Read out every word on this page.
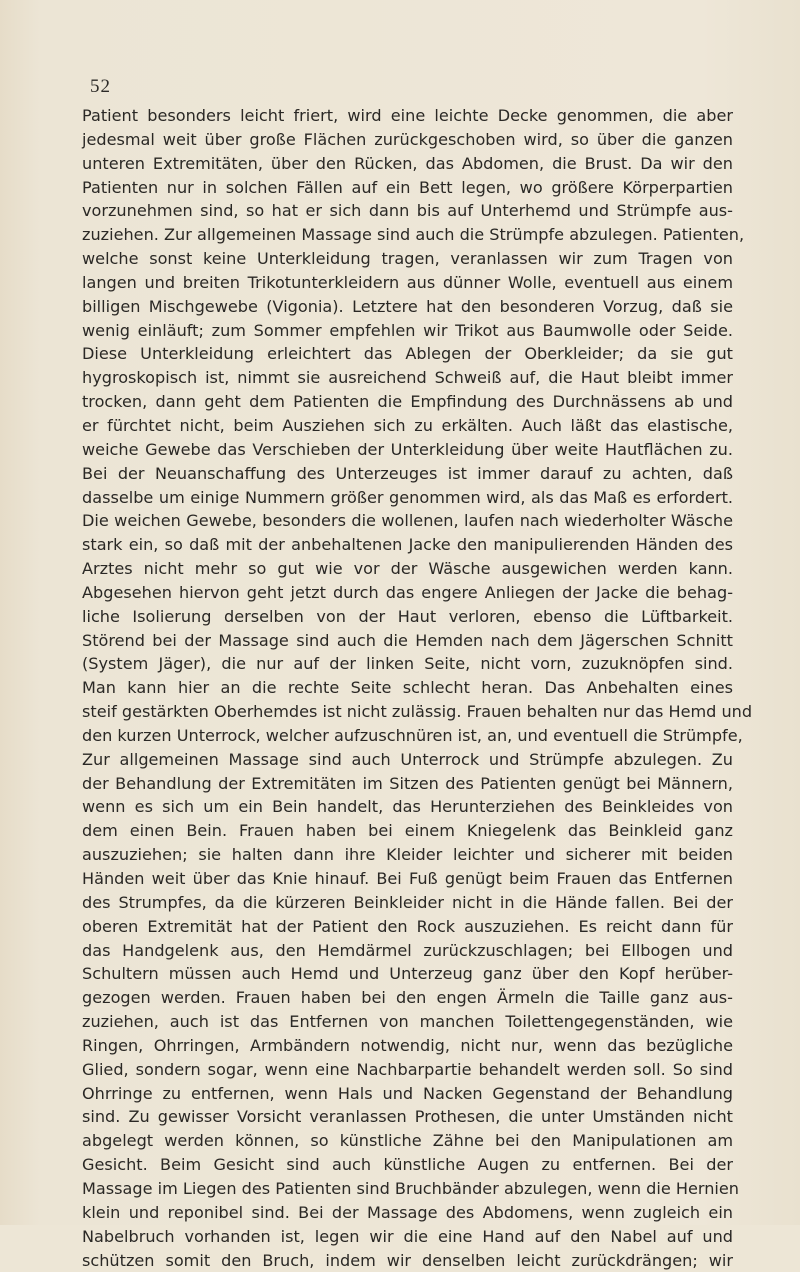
52
Patient besonders leicht friert, wird eine leichte Decke genommen, die aber
jedesmal weit über große Flächen zurückgeschoben wird, so über die ganzen
unteren Extremitäten, über den Rücken, das Abdomen, die Brust. Da wir den
Patienten nur in solchen Fällen auf ein Bett legen, wo größere Körperpartien
vorzunehmen sind, so hat er sich dann bis auf Unterhemd und Strümpfe aus-
zuziehen. Zur allgemeinen Massage sind auch die Strümpfe abzulegen. Patienten,
welche sonst keine Unterkleidung tragen, veranlassen wir zum Tragen von
langen und breiten Trikotunterkleidern aus dünner Wolle, eventuell aus einem
billigen Mischgewebe (Vigonia). Letztere hat den besonderen Vorzug, daß sie
wenig einläuft; zum Sommer empfehlen wir Trikot aus Baumwolle oder Seide.
Diese Unterkleidung erleichtert das Ablegen der Oberkleider; da sie gut
hygroskopisch ist, nimmt sie ausreichend Schweiß auf, die Haut bleibt immer
trocken, dann geht dem Patienten die Empfindung des Durchnässens ab und
er fürchtet nicht, beim Ausziehen sich zu erkälten. Auch läßt das elastische,
weiche Gewebe das Verschieben der Unterkleidung über weite Hautflächen zu.
Bei der Neuanschaffung des Unterzeuges ist immer darauf zu achten, daß
dasselbe um einige Nummern größer genommen wird, als das Maß es erfordert.
Die weichen Gewebe, besonders die wollenen, laufen nach wiederholter Wäsche
stark ein, so daß mit der anbehaltenen Jacke den manipulierenden Händen des
Arztes nicht mehr so gut wie vor der Wäsche ausgewichen werden kann.
Abgesehen hiervon geht jetzt durch das engere Anliegen der Jacke die behag-
liche Isolierung derselben von der Haut verloren, ebenso die Lüftbarkeit.
Störend bei der Massage sind auch die Hemden nach dem Jägerschen Schnitt
(System Jäger), die nur auf der linken Seite, nicht vorn, zuzuknöpfen sind.
Man kann hier an die rechte Seite schlecht heran. Das Anbehalten eines
steif gestärkten Oberhemdes ist nicht zulässig. Frauen behalten nur das Hemd und
den kurzen Unterrock, welcher aufzuschnüren ist, an, und eventuell die Strümpfe,
Zur allgemeinen Massage sind auch Unterrock und Strümpfe abzulegen. Zu
der Behandlung der Extremitäten im Sitzen des Patienten genügt bei Männern,
wenn es sich um ein Bein handelt, das Herunterziehen des Beinkleides von
dem einen Bein. Frauen haben bei einem Kniegelenk das Beinkleid ganz
auszuziehen; sie halten dann ihre Kleider leichter und sicherer mit beiden
Händen weit über das Knie hinauf. Bei Fuß genügt beim Frauen das Entfernen
des Strumpfes, da die kürzeren Beinkleider nicht in die Hände fallen. Bei der
oberen Extremität hat der Patient den Rock auszuziehen. Es reicht dann für
das Handgelenk aus, den Hemdärmel zurückzuschlagen; bei Ellbogen und
Schultern müssen auch Hemd und Unterzeug ganz über den Kopf herüber-
gezogen werden. Frauen haben bei den engen Ärmeln die Taille ganz aus-
zuziehen, auch ist das Entfernen von manchen Toilettengegenständen, wie
Ringen, Ohrringen, Armbändern notwendig, nicht nur, wenn das bezügliche
Glied, sondern sogar, wenn eine Nachbarpartie behandelt werden soll. So sind
Ohrringe zu entfernen, wenn Hals und Nacken Gegenstand der Behandlung
sind. Zu gewisser Vorsicht veranlassen Prothesen, die unter Umständen nicht
abgelegt werden können, so künstliche Zähne bei den Manipulationen am
Gesicht. Beim Gesicht sind auch künstliche Augen zu entfernen. Bei der
Massage im Liegen des Patienten sind Bruchbänder abzulegen, wenn die Hernien
klein und reponibel sind. Bei der Massage des Abdomens, wenn zugleich ein
Nabelbruch vorhanden ist, legen wir die eine Hand auf den Nabel auf und
schützen somit den Bruch, indem wir denselben leicht zurückdrängen; wir
